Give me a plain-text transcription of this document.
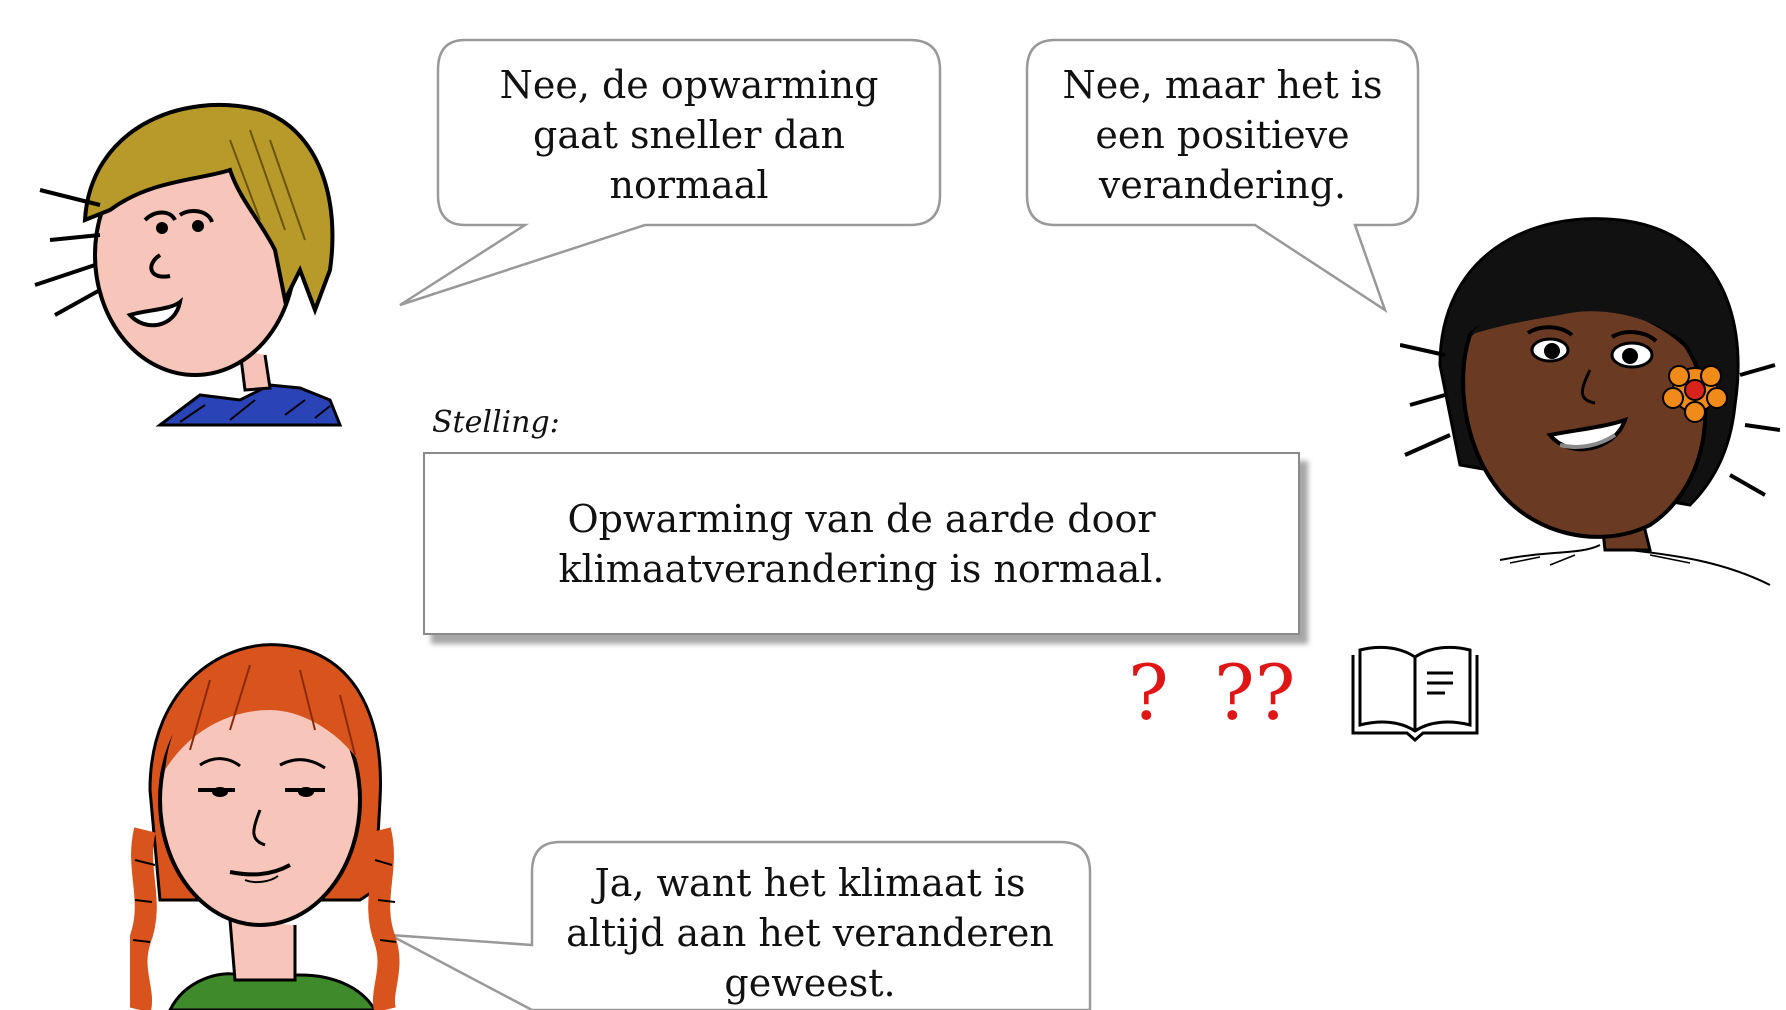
Nee, de opwarming
gaat sneller dan
normaal
Nee, maar het is
een positieve
verandering.
Ja, want het klimaat is
altijd aan het veranderen
geweest.
Stelling:
Opwarming van de aarde door
klimaatverandering is normaal.
? ??
